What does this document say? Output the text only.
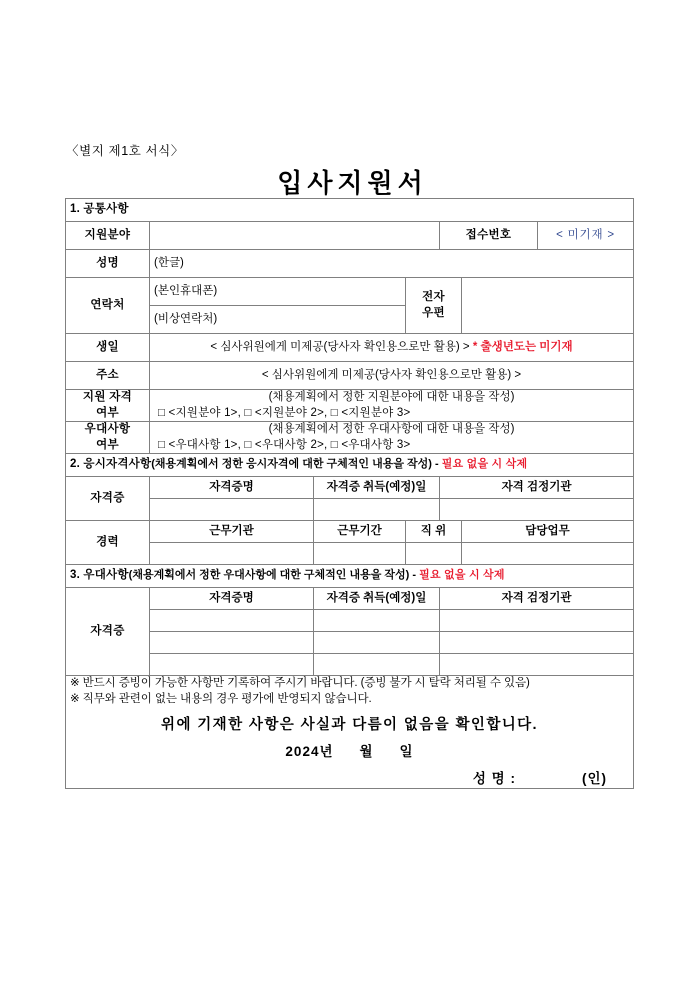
〈별지 제1호 서식〉
입사지원서
1. 공통사항						
지원분야				접수번호		< 미기재 >
성명	(한글)					
연락처	(본인휴대폰)		전자
우편			
	(비상연락처)					
생일	< 심사위원에게 미제공(당사자 확인용으로만 활용) > * 출생년도는 미기재					
주소	< 심사위원에게 미제공(당사자 확인용으로만 활용) >					
지원 자격
여부	(채용계획에서 정한 지원분야에 대한 내용을 작성)
□ <지원분야 1>, □ <지원분야 2>, □ <지원분야 3>					

우대사항
여부	(채용계획에서 정한 우대사항에 대한 내용을 작성)
□ <우대사항 1>, □ <우대사항 2>, □ <우대사항 3>					

2. 응시자격사항(채용계획에서 정한 응시자격에 대한 구체적인 내용을 작성) - 필요 없을 시 삭제						
자격증	자격증명	자격증 취득(예정)일		자격 검정기관		

경력	근무기관	근무기간	직 위		담당업무	

3. 우대사항(채용계획에서 정한 우대사항에 대한 구체적인 내용을 작성) - 필요 없을 시 삭제						
자격증	자격증명	자격증 취득(예정)일		자격 검정기관		

※ 반드시 증빙이 가능한 사항만 기록하여 주시기 바랍니다. (증빙 불가 시 탈락 처리될 수 있음)
※ 직무와 관련이 없는 내용의 경우 평가에 반영되지 않습니다.
위에 기재한 사항은 사실과 다름이 없음을 확인합니다.
2024년 월 일
성 명 : (인)						
